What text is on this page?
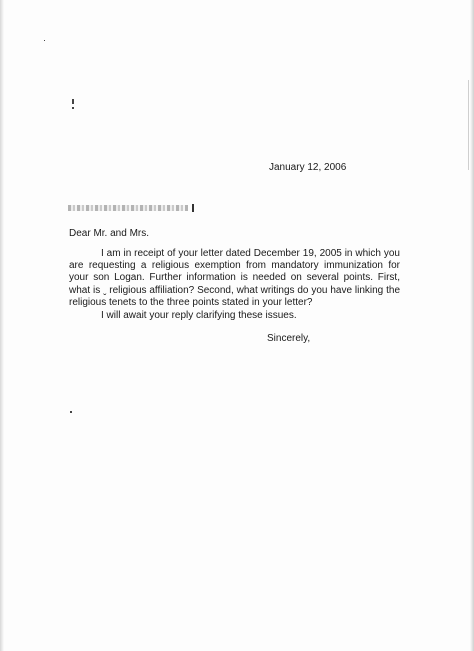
January 12, 2006
Dear Mr. and Mrs.
I am in receipt of your letter dated December 19, 2005 in which you are requesting a religious exemption from mandatory immunization for your son Logan. Further information is needed on several points. First, what is ˬ religious affiliation? Second, what writings do you have linking the religious tenets to the three points stated in your letter?
I will await your reply clarifying these issues.
Sincerely,
